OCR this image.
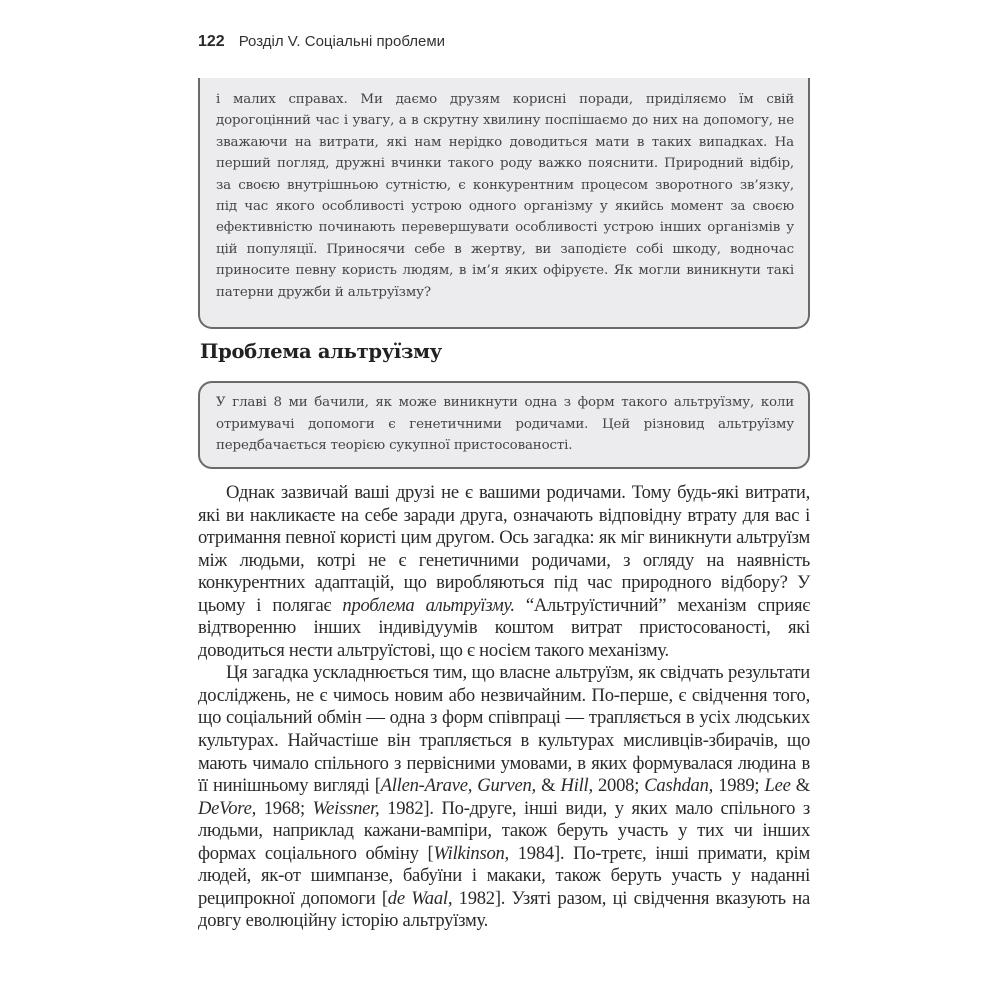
122 Розділ V. Соціальні проблеми

і малих справах. Ми даємо друзям корисні поради, приділяємо їм свій дорогоцінний час і увагу, а в скрутну хвилину поспішаємо до них на допомогу, не зважаючи на витрати, які нам нерідко доводиться мати в таких випадках. На перший погляд, дружні вчинки такого роду важко пояснити. Природний відбір, за своєю внутрішньою сутністю, є конкурентним процесом зворотного зв’язку, під час якого особливості устрою одного організму у якийсь момент за своєю ефективністю починають перевершувати особливості устрою інших організмів у цій популяції. Приносячи себе в жертву, ви заподієте собі шкоду, водночас приносите певну користь людям, в ім’я яких офіруєте. Як могли виникнути такі патерни дружби й альтруїзму?

Проблема альтруїзму

У главі 8 ми бачили, як може виникнути одна з форм такого альтруїзму, коли отримувачі допомоги є генетичними родичами. Цей різновид альтруїзму передбачається теорією сукупної пристосованості.

Однак зазвичай ваші друзі не є вашими родичами. Тому будь-які витрати, які ви накликаєте на себе заради друга, означають відповідну втрату для вас і отримання певної користі цим другом. Ось загадка: як міг виникнути альтруїзм між людьми, котрі не є генетичними родичами, з огляду на наявність конкурентних адаптацій, що виробляються під час природного відбору? У цьому і полягає проблема альтруїзму. “Альтруїстичний” механізм сприяє відтворенню інших індивідуумів коштом витрат пристосованості, які доводиться нести альтруїстові, що є носієм такого механізму.

Ця загадка ускладнюється тим, що власне альтруїзм, як свідчать результати досліджень, не є чимось новим або незвичайним. По-перше, є свідчення того, що соціальний обмін — одна з форм співпраці — трапляється в усіх людських культурах. Найчастіше він трапляється в культурах мисливців-збирачів, що мають чимало спільного з первісними умовами, в яких формувалася людина в її нинішньому вигляді [Allen-Arave, Gurven, & Hill, 2008; Cashdan, 1989; Lee & DeVore, 1968; Weissner, 1982]. По-друге, інші види, у яких мало спільного з людьми, наприклад кажани-вампіри, також беруть участь у тих чи інших формах соціального обміну [Wilkinson, 1984]. По-третє, інші примати, крім людей, як-от шимпанзе, бабуїни і макаки, також беруть участь у наданні реципрокної допомоги [de Waal, 1982]. Узяті разом, ці свідчення вказують на довгу еволюційну історію альтруїзму.
